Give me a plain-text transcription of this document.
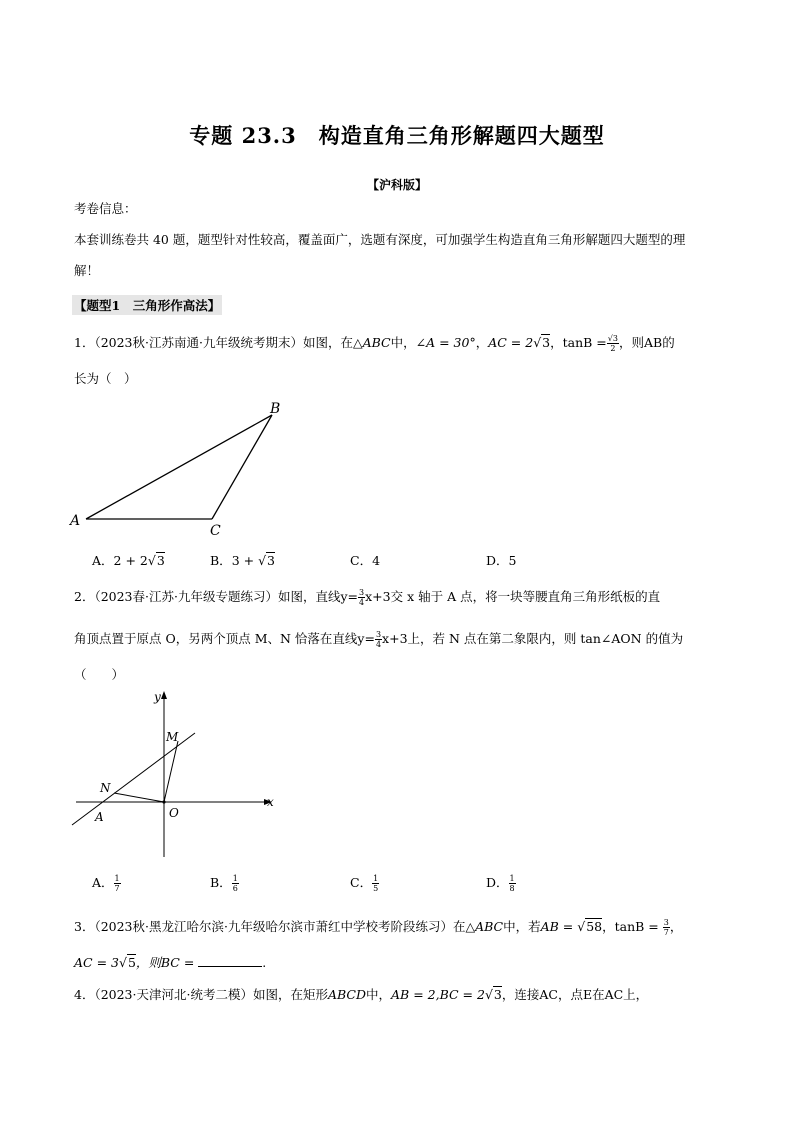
专题 23.3　构造直角三角形解题四大题型
【沪科版】
考卷信息：
本套训练卷共 40 题，题型针对性较高，覆盖面广，选题有深度，可加强学生构造直角三角形解题四大题型的理
解！
【题型1　三角形作高法】
1．（2023秋·江苏南通·九年级统考期末）如图，在△ABC中，∠A = 30°，AC = 2√3，$\tan B = \frac{√3}{2}$ ，则AB的
长为（　）
A
B
C
A．2 + 2√3	B．3 + √3	C．4	D．5
2．（2023春·江苏·九年级专题练习）如图，直线$y= \frac{3}{4} x+3$交 x 轴于 A 点，将一块等腰直角三角形纸板的直
角顶点置于原点 O，另两个顶点 M、N 恰落在直线$y= \frac{3}{4} x+3$上，若 N 点在第二象限内，则 tan∠AON 的值为
（　　）
y
x
M
N
O
A
A． $\frac{1}{7}$	B． $\frac{1}{6}$	C． $\frac{1}{5}$	D． $\frac{1}{8}$
3．（2023秋·黑龙江哈尔滨·九年级哈尔滨市萧红中学校考阶段练习）在△ABC中，若AB = √58，$\tan B = \frac{3}{7}$ ，
AC = 3√5，则BC =	.
4．（2023·天津河北·统考二模）如图，在矩形ABCD中，AB = 2,BC = 2√3，连接AC，点E在AC上，
